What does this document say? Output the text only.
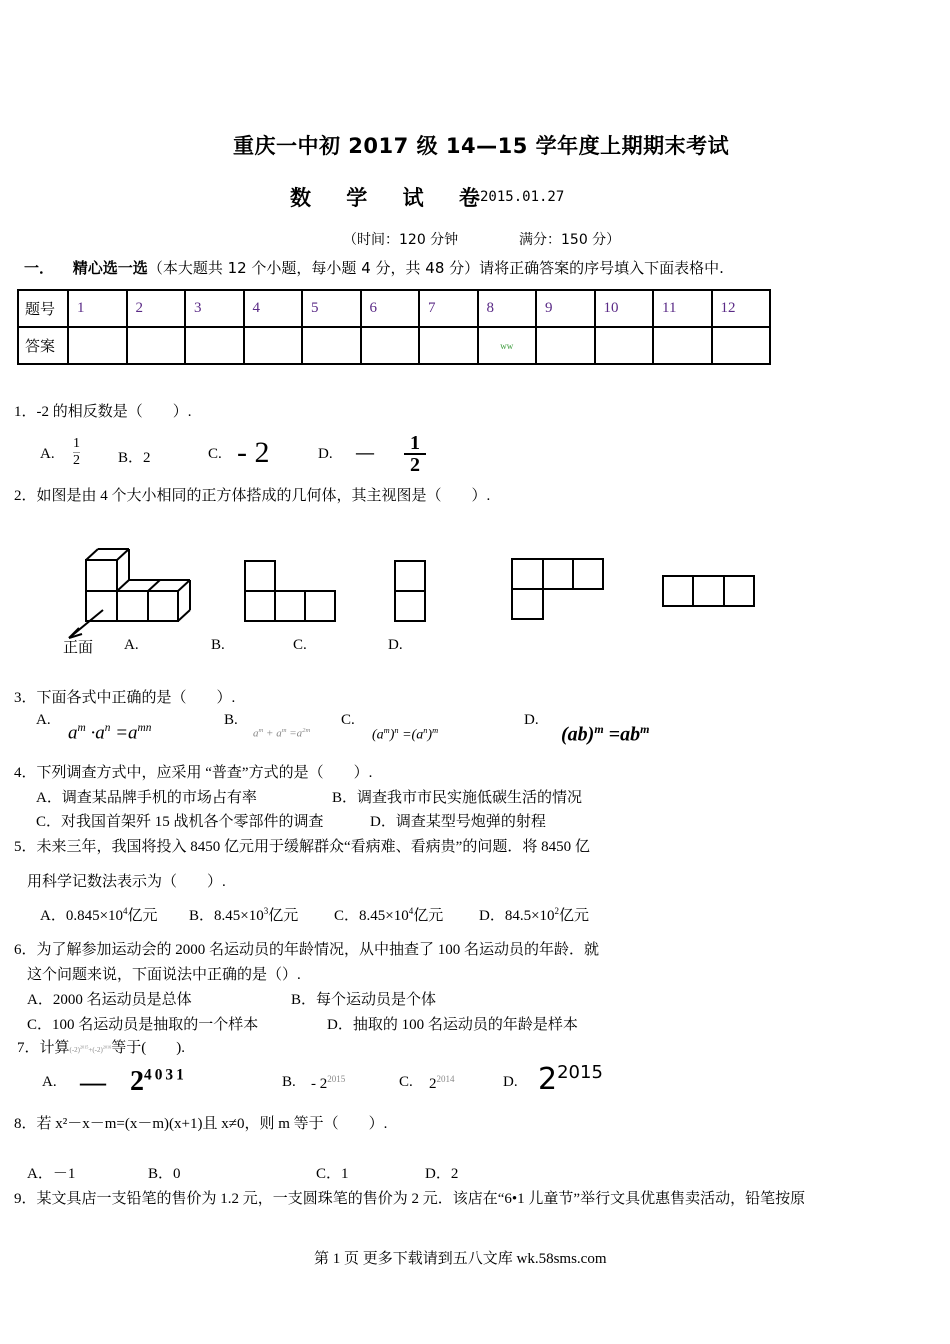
重庆一中初 2017 级 14—15 学年度上期期末考试
数 学 试 卷
2015.01.27
（时间：120 分钟	满分：150 分）
一． 精心选一选（本大题共 12 个小题，每小题 4 分，共 48 分）请将正确答案的序号填入下面表格中.
题号	1	2	3	4	5	6	7	8	9	10	11	12
答案								ww				
1．-2 的相反数是（　　）.
A. $\frac{1}{2}$	B．2	C. - 2	D. — $\frac{1}{2}$
2．如图是由 4 个大小相同的正方体搭成的几何体，其主视图是（　　）.
正面 A.	B.	C.	D.
3．下面各式中正确的是（　　）.
A.
$a^m \cdot a^n =a^{mn}$	B.
$a^m + a^m =a^{2m}$
C.
$(a^m)^n =(a^n)^m$
D.
$(ab)^m =ab^m$
4．下列调查方式中，应采用 “普查”方式的是（　　）.
A．调查某品牌手机的市场占有率	B．调查我市市民实施低碳生活的情况
C．对我国首架歼 15 战机各个零部件的调查	D．调查某型号炮弹的射程
5．未来三年，我国将投入 8450 亿元用于缓解群众“看病难、看病贵”的问题．将 8450 亿
用科学记数法表示为（　　）.
A．$0.845\times 10^4$亿元 B．$8.45\times 10^3$亿元 C．$8.45\times 10^4$亿元 D．$84.5\times 10^2$亿元
6．为了解参加运动会的 2000 名运动员的年龄情况，从中抽查了 100 名运动员的年龄．就
这个问题来说，下面说法中正确的是（）.
A．2000 名运动员是总体	B．每个运动员是个体
C．100 名运动员是抽取的一个样本	D．抽取的 100 名运动员的年龄是样本
7．计算$(-2)^{2015}+(-2)^{2016}$等于(　　).
A. — $2^{4031}$	B. - $2^{2015}$	C. $2^{2014}$	D. $2^{2015}$
8．若 x²－x－m=(x－m)(x+1)且 x≠0，则 m 等于（　　）.
A．－1	B．0	C．1	D．2
9．某文具店一支铅笔的售价为 1.2 元，一支圆珠笔的售价为 2 元．该店在“6•1 儿童节”举行文具优惠售卖活动，铅笔按原
第 1 页 更多下载请到五八文库 wk.58sms.com
